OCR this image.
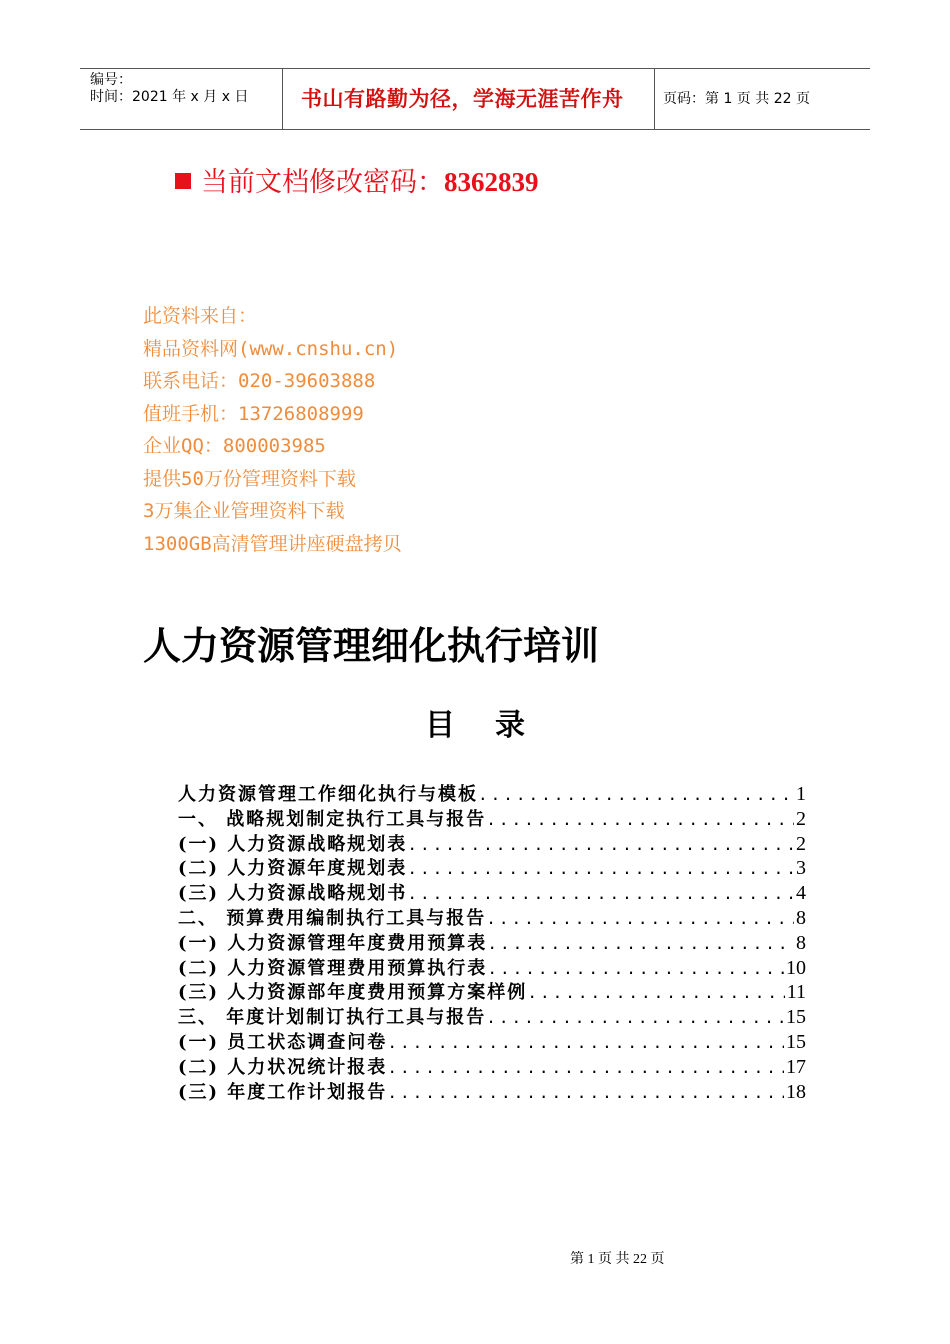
编号：
时间：2021 年 x 月 x 日	书山有路勤为径，学海无涯苦作舟	页码：第 1 页 共 22 页
当前文档修改密码：8362839
此资料来自：
精品资料网(www.cnshu.cn)
联系电话：020-39603888
值班手机：13726808999
企业QQ：800003985
提供50万份管理资料下载
3万集企业管理资料下载
1300GB高清管理讲座硬盘拷贝
人力资源管理细化执行培训
目录
人力资源管理工作细化执行与模板 .....	1
一、 战略规划制定执行工具与报告 .....	2
(一) 人力资源战略规划表 .....	2
(二) 人力资源年度规划表 .....	3
(三) 人力资源战略规划书 .....	4
二、 预算费用编制执行工具与报告 .....	8
(一) 人力资源管理年度费用预算表 .....	8
(二) 人力资源管理费用预算执行表 .....	10
(三) 人力资源部年度费用预算方案样例 .....	11
三、 年度计划制订执行工具与报告 .....	15
(一) 员工状态调查问卷 .....	15
(二) 人力状况统计报表 .....	17
(三) 年度工作计划报告 .....	18
第 1 页 共 22 页
